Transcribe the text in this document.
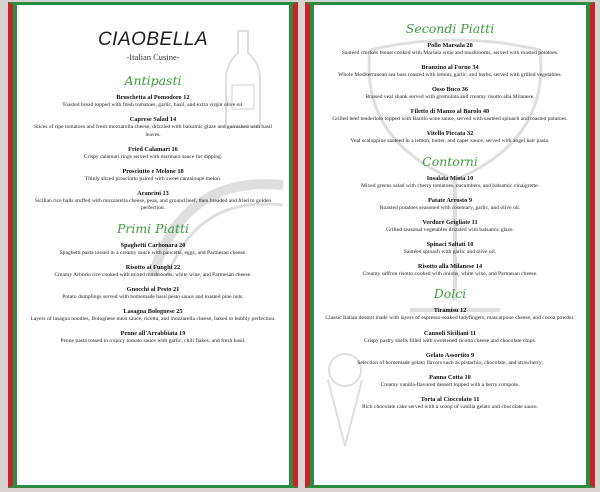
CIAOBELLA
-Italian Cusine-
Antipasti
Bruschetta al Pomodoro 12
Toasted bread topped with fresh tomatoes, garlic, basil, and extra virgin olive oil.
Caprese Salad 14
Slices of ripe tomatoes and fresh mozzarella cheese, drizzled with balsamic glaze and garnished with basil leaves.
Fried Calamari 16
Crispy calamari rings served with marinara sauce for dipping.
Prosciutto e Melone 18
Thinly sliced prosciutto paired with sweet cantaloupe melon.
Arancini 13
Sicilian rice balls stuffed with mozzarella cheese, peas, and ground beef, then breaded and fried to golden perfection.
Primi Piatti
Spaghetti Carbonara 20
Spaghetti pasta tossed in a creamy sauce with pancetta, eggs, and Parmesan cheese.
Risotto ai Funghi 22
Creamy Arborio rice cooked with mixed mushrooms, white wine, and Parmesan cheese.
Gnocchi al Pesto 21
Potato dumplings served with homemade basil pesto sauce and toasted pine nuts.
Lasagna Bolognese 25
Layers of lasagna noodles, Bolognese meat sauce, ricotta, and mozzarella cheese, baked to bubbly perfection.
Penne all'Arrabbiata 19
Penne pasta tossed in a spicy tomato sauce with garlic, chili flakes, and fresh basil.
Secondi Piatti
Pollo Marsala 28
Sautéed chicken breast cooked with Marsala wine and mushrooms, served with roasted potatoes.
Branzino al Forno 34
Whole Mediterranean sea bass roasted with lemon, garlic, and herbs, served with grilled vegetables.
Osso Buco 36
Braised veal shank served with gremolata and creamy risotto alla Milanese.
Filetto di Manzo al Barolo 40
Grilled beef tenderloin topped with Barolo wine sauce, served with sautéed spinach and roasted potatoes.
Vitello Piccata 32
Veal scaloppine sautéed in a lemon, butter, and caper sauce, served with angel hair pasta.
Contorni
Insalata Mista 10
Mixed greens salad with cherry tomatoes, cucumbers, and balsamic vinaigrette.
Patate Arrosto 9
Roasted potatoes seasoned with rosemary, garlic, and olive oil.
Verdure Grigliate 11
Grilled seasonal vegetables drizzled with balsamic glaze.
Spinaci Saltati 10
Sautéed spinach with garlic and olive oil.
Risotto alla Milanese 14
Creamy saffron risotto cooked with onions, white wine, and Parmesan cheese.
Dolci
Tiramisu 12
Classic Italian dessert made with layers of espresso-soaked ladyfingers, mascarpone cheese, and cocoa powder.
Cannoli Siciliani 11
Crispy pastry shells filled with sweetened ricotta cheese and chocolate chips.
Gelato Assortito 9
Selection of homemade gelato flavors such as pistachio, chocolate, and strawberry.
Panna Cotta 10
Creamy vanilla-flavored dessert topped with a berry compote.
Torta al Cioccolato 11
Rich chocolate cake served with a scoop of vanilla gelato and chocolate sauce.
